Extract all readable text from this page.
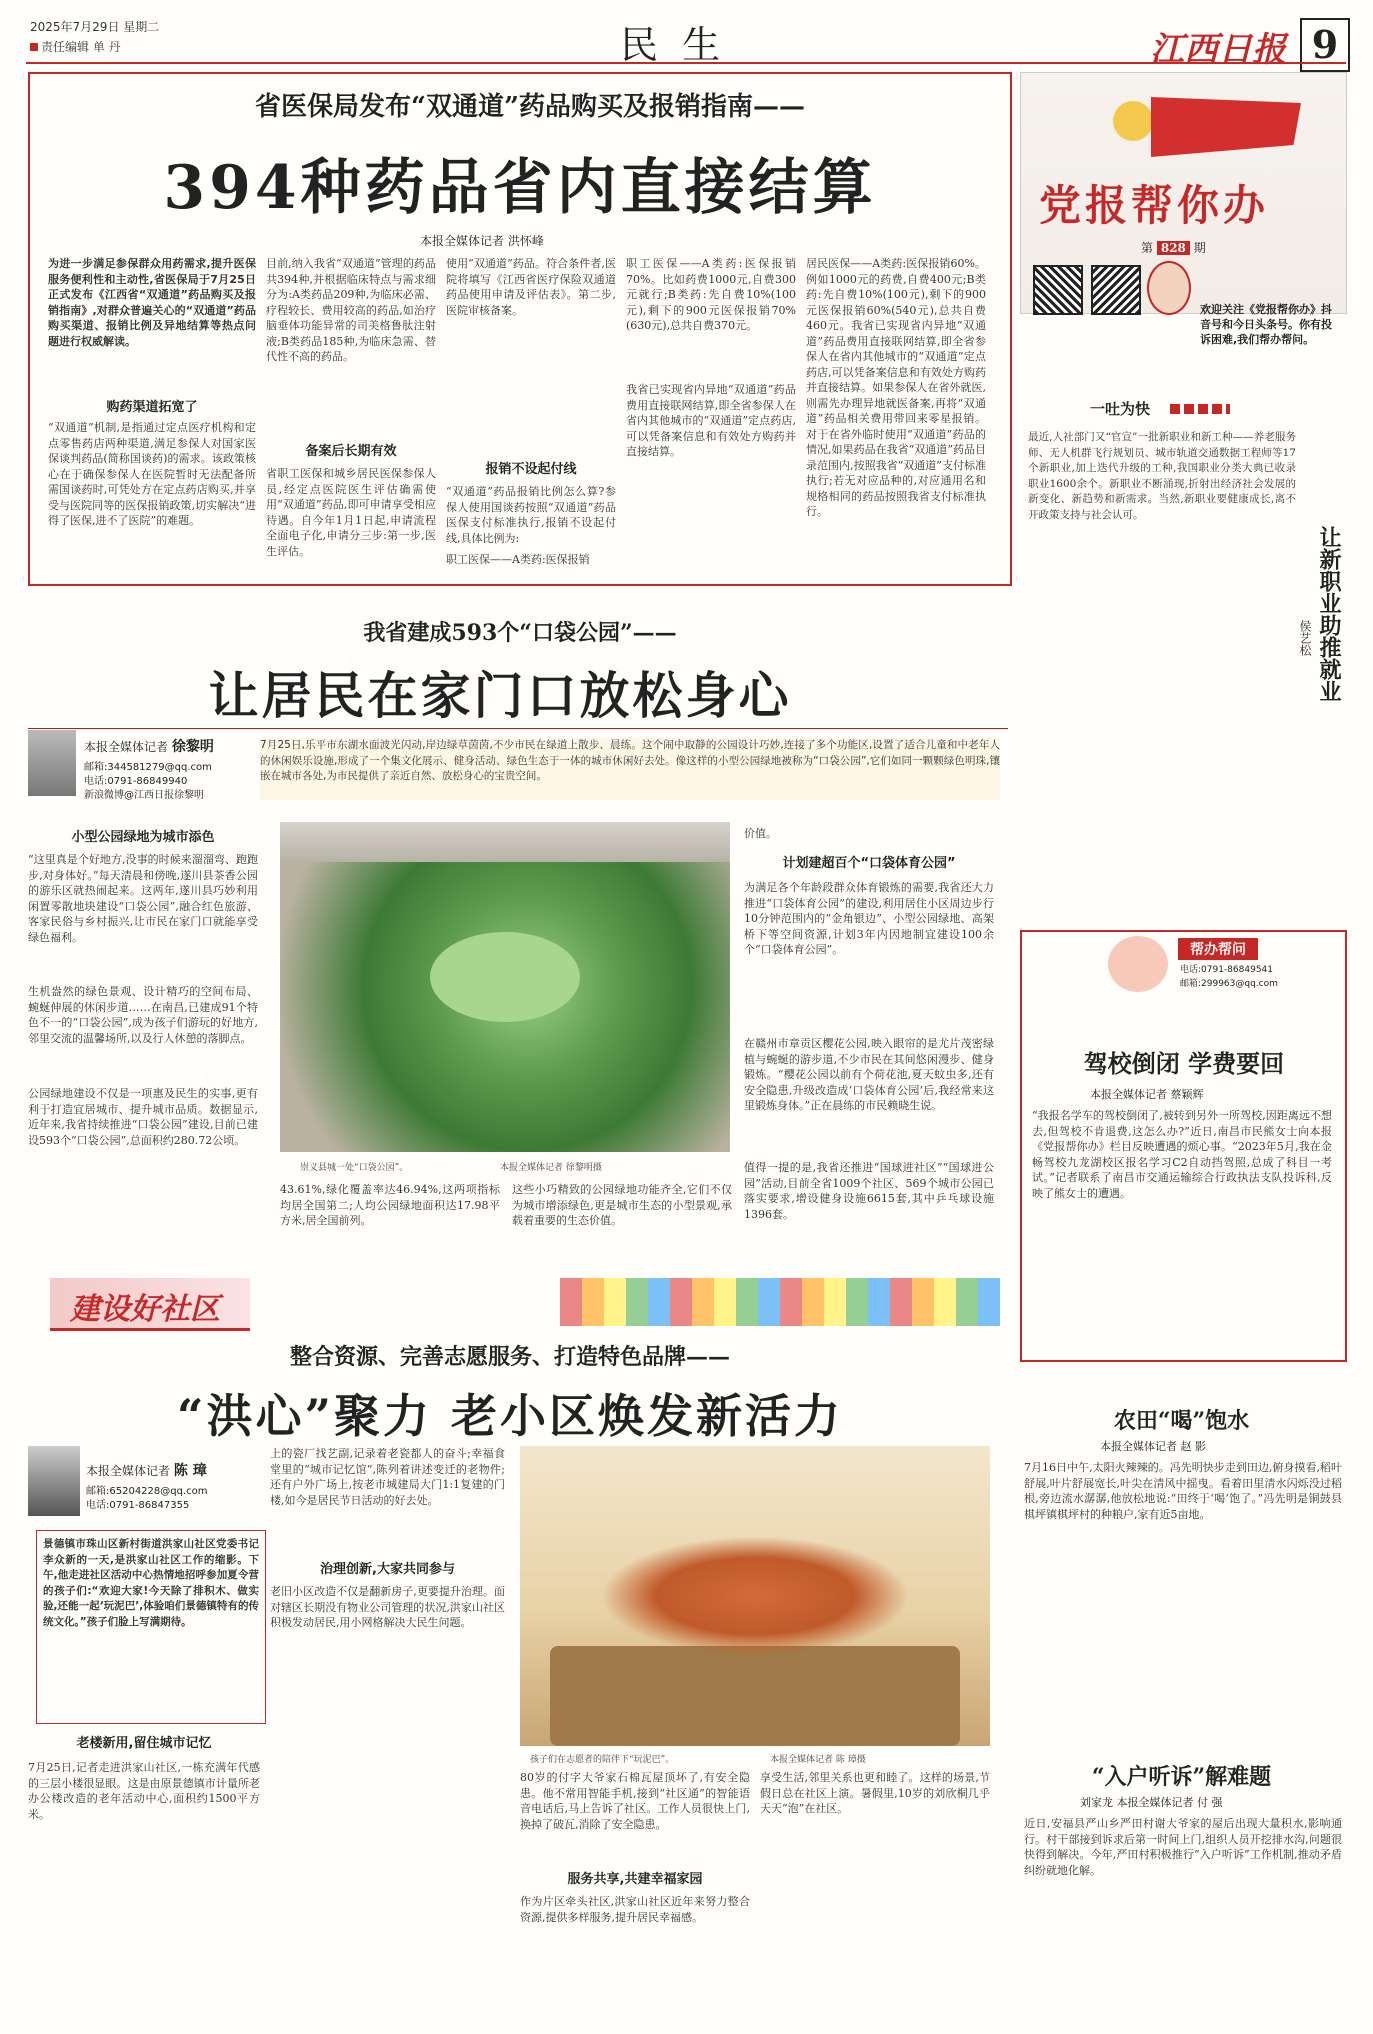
2025年7月29日 星期二
责任编辑 单 丹	民 生	江西日报 9
省医保局发布“双通道”药品购买及报销指南——
394种药品省内直接结算
本报全媒体记者 洪怀峰
为进一步满足参保群众用药需求,提升医保服务便利性和主动性,省医保局于7月25日正式发布《江西省“双通道”药品购买及报销指南》,对群众普遍关心的“双通道”药品购买渠道、报销比例及异地结算等热点问题进行权威解读。
购药渠道拓宽了
“双通道”机制,是指通过定点医疗机构和定点零售药店两种渠道,满足参保人对国家医保谈判药品(简称国谈药)的需求。该政策核心在于确保参保人在医院暂时无法配备所需国谈药时,可凭处方在定点药店购买,并享受与医院同等的医保报销政策,切实解决“进得了医保,进不了医院”的难题。
目前,纳入我省“双通道”管理的药品共394种,并根据临床特点与需求细分为:A类药品209种,为临床必需、疗程较长、费用较高的药品,如治疗脑垂体功能异常的司美格鲁肽注射液;B类药品185种,为临床急需、替代性不高的药品。
备案后长期有效
省职工医保和城乡居民医保参保人员,经定点医院医生评估确需使用“双通道”药品,即可申请享受相应待遇。自今年1月1日起,申请流程全面电子化,申请分三步:第一步,医生评估。
使用“双通道”药品。符合条件者,医院将填写《江西省医疗保险双通道药品使用申请及评估表》。第二步,医院审核备案。
报销不设起付线
“双通道”药品报销比例怎么算?参保人使用国谈药按照“双通道”药品医保支付标准执行,报销不设起付线,具体比例为:
职工医保——A类药:医保报销
职工医保——A类药:医保报销70%。比如药费1000元,自费300元就行;B类药:先自费10%(100元),剩下的900元医保报销70%(630元),总共自费370元。
我省已实现省内异地“双通道”药品费用直接联网结算,即全省参保人在省内其他城市的“双通道”定点药店,可以凭备案信息和有效处方购药并直接结算。
居民医保——A类药:医保报销60%。例如1000元的药费,自费400元;B类药:先自费10%(100元),剩下的900元医保报销60%(540元),总共自费460元。我省已实现省内异地“双通道”药品费用直接联网结算,即全省参保人在省内其他城市的“双通道”定点药店,可以凭备案信息和有效处方购药并直接结算。如果参保人在省外就医,则需先办理异地就医备案,再将“双通道”药品相关费用带回来零星报销。对于在省外临时使用“双通道”药品的情况,如果药品在我省“双通道”药品目录范围内,按照我省“双通道”支付标准执行;若无对应品种的,对应通用名和规格相同的药品按照我省支付标准执行。
我省建成593个“口袋公园”——
让居民在家门口放松身心
本报全媒体记者 徐黎明
邮箱:344581279@qq.com
电话:0791-86849940
新浪微博@江西日报徐黎明
7月25日,乐平市东湖水面波光闪动,岸边绿草茵茵,不少市民在绿道上散步、晨练。这个闹中取静的公园设计巧妙,连接了多个功能区,设置了适合儿童和中老年人的休闲娱乐设施,形成了一个集文化展示、健身活动、绿色生态于一体的城市休闲好去处。像这样的小型公园绿地被称为“口袋公园”,它们如同一颗颗绿色明珠,镶嵌在城市各处,为市民提供了亲近自然、放松身心的宝贵空间。
小型公园绿地为城市添色
“这里真是个好地方,没事的时候来溜溜弯、跑跑步,对身体好。”每天清晨和傍晚,遂川县茶香公园的游乐区就热闹起来。这两年,遂川县巧妙利用闲置零散地块建设“口袋公园”,融合红色旅游、客家民俗与乡村振兴,让市民在家门口就能享受绿色福利。
生机盎然的绿色景观、设计精巧的空间布局、蜿蜒伸展的休闲步道……在南昌,已建成91个特色不一的“口袋公园”,成为孩子们游玩的好地方,邻里交流的温馨场所,以及行人休憩的落脚点。
公园绿地建设不仅是一项惠及民生的实事,更有利于打造宜居城市、提升城市品质。数据显示,近年来,我省持续推进“口袋公园”建设,目前已建设593个“口袋公园”,总面积约280.72公顷。
崇义县城一处“口袋公园”。	本报全媒体记者 徐黎明摄
43.61%,绿化覆盖率达46.94%,这两项指标均居全国第二;人均公园绿地面积达17.98平方米,居全国前列。
这些小巧精致的公园绿地功能齐全,它们不仅为城市增添绿色,更是城市生态的小型景观,承载着重要的生态价值。
价值。
计划建超百个“口袋体育公园”
为满足各个年龄段群众体育锻炼的需要,我省还大力推进“口袋体育公园”的建设,利用居住小区周边步行10分钟范围内的“金角银边”、小型公园绿地、高架桥下等空间资源,计划3年内因地制宜建设100余个“口袋体育公园”。
在赣州市章贡区樱花公园,映入眼帘的是尤片茂密绿植与蜿蜒的游步道,不少市民在其间悠闲漫步、健身锻炼。“樱花公园以前有个荷花池,夏天蚊虫多,还有安全隐患,升级改造成‘口袋体育公园’后,我经常来这里锻炼身体。”正在晨练的市民赖晓生说。
值得一提的是,我省还推进“国球进社区”“国球进公园”活动,目前全省1009个社区、569个城市公园已落实要求,增设健身设施6615套,其中乒乓球设施1396套。
建设好社区
整合资源、完善志愿服务、打造特色品牌——
“洪心”聚力 老小区焕发新活力
本报全媒体记者 陈 璋
邮箱:65204228@qq.com
电话:0791-86847355
景德镇市珠山区新村街道洪家山社区党委书记李众新的一天,是洪家山社区工作的缩影。下午,他走进社区活动中心热情地招呼参加夏令营的孩子们:“欢迎大家!今天除了排积木、做实验,还能一起‘玩泥巴’,体验咱们景德镇特有的传统文化。”孩子们脸上写满期待。
老楼新用,留住城市记忆
7月25日,记者走进洪家山社区,一栋充满年代感的三层小楼很显眼。这是由原景德镇市计量所老办公楼改造的老年活动中心,面积约1500平方米。
上的瓷厂找艺副,记录着老瓷都人的奋斗;幸福食堂里的“城市记忆馆”,陈列着讲述变迁的老物件;还有户外广场上,按老市城建局大门1:1复建的门楼,如今是居民节日活动的好去处。
治理创新,大家共同参与
老旧小区改造不仅是翻新房子,更要提升治理。面对辖区长期没有物业公司管理的状况,洪家山社区积极发动居民,用小网格解决大民生问题。
孩子们在志愿者的陪伴下“玩泥巴”。	本报全媒体记者 陈 璋摄
80岁的付字大爷家石棉瓦屋顶坏了,有安全隐患。他不常用智能手机,接到“社区通”的智能语音电话后,马上告诉了社区。工作人员很快上门,换掉了破瓦,消除了安全隐患。
服务共享,共建幸福家园
作为片区牵头社区,洪家山社区近年来努力整合资源,提供多样服务,提升居民幸福感。
享受生活,邻里关系也更和睦了。这样的场景,节假日总在社区上演。暑假里,10岁的刘欣桐几乎天天“泡”在社区。
党报帮你办
第 828 期
欢迎关注《党报帮你办》抖音号和今日头条号。你有投诉困难,我们帮办帮问。
一吐为快
最近,人社部门又“官宣”一批新职业和新工种——养老服务师、无人机群飞行规划员、城市轨道交通数据工程师等17个新职业,加上迭代升级的工种,我国职业分类大典已收录职业1600余个。新职业不断涌现,折射出经济社会发展的新变化、新趋势和新需求。当然,新职业要健康成长,离不开政策支持与社会认可。
让新职业助推就业
侯艺松
帮办帮问
电话:0791-86849541
邮箱:299963@qq.com
驾校倒闭 学费要回
本报全媒体记者 蔡颖辉
“我报名学车的驾校倒闭了,被转到另外一所驾校,因距离远不想去,但驾校不肯退费,这怎么办?”近日,南昌市民熊女士向本报《党报帮你办》栏目反映遭遇的烦心事。“2023年5月,我在金畅驾校九龙湖校区报名学习C2自动挡驾照,总成了科目一考试。”记者联系了南昌市交通运输综合行政执法支队投诉科,反映了熊女士的遭遇。
农田“喝”饱水
本报全媒体记者 赵 影
7月16日中午,太阳火辣辣的。冯先明快步走到田边,俯身摸看,稻叶舒展,叶片舒展宽长,叶尖在清风中摇曳。看着田里清水闪烁没过稻根,旁边流水潺潺,他放松地说:“田终于‘喝’饱了。”冯先明是铜鼓县棋坪镇棋坪村的种粮户,家有近5亩地。
“入户听诉”解难题
刘家龙 本报全媒体记者 付 强
近日,安福县严山乡严田村谢大爷家的屋后出现大量积水,影响通行。村干部接到诉求后第一时间上门,组织人员开挖排水沟,问题很快得到解决。今年,严田村积极推行“入户听诉”工作机制,推动矛盾纠纷就地化解。
